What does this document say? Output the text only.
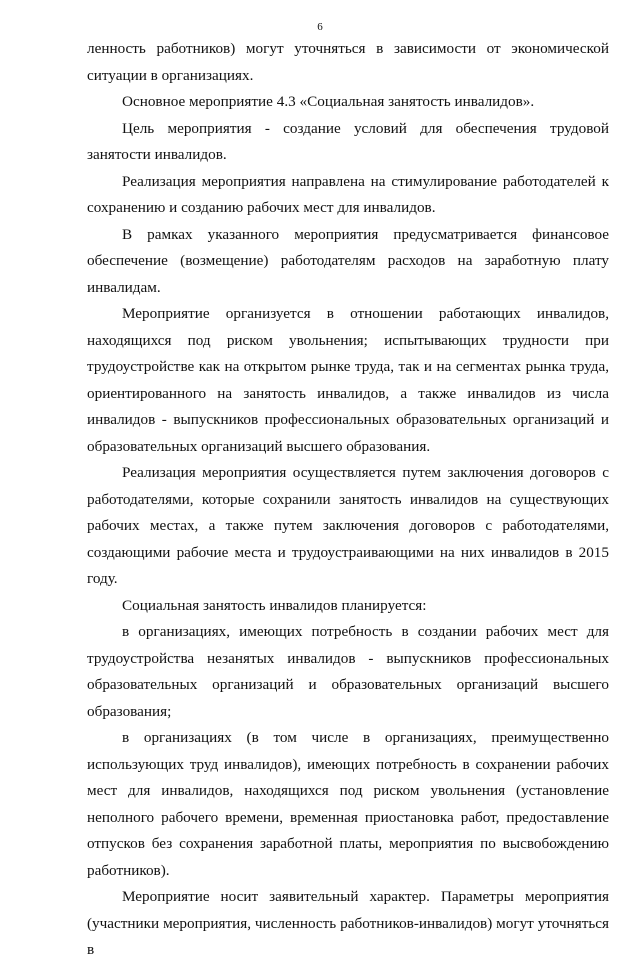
6

ленность работников) могут уточняться в зависимости от экономической ситуации в организациях.

Основное мероприятие 4.3 «Социальная занятость инвалидов».

Цель мероприятия - создание условий для обеспечения трудовой занятости инвалидов.

Реализация мероприятия направлена на стимулирование работодателей к сохранению и созданию рабочих мест для инвалидов.

В рамках указанного мероприятия предусматривается финансовое обеспечение (возмещение) работодателям расходов на заработную плату инвалидам.

Мероприятие организуется в отношении работающих инвалидов, находящихся под риском увольнения; испытывающих трудности при трудоустройстве как на открытом рынке труда, так и на сегментах рынка труда, ориентированного на занятость инвалидов, а также инвалидов из числа инвалидов - выпускников профессиональных образовательных организаций и образовательных организаций высшего образования.

Реализация мероприятия осуществляется путем заключения договоров с работодателями, которые сохранили занятость инвалидов на существующих рабочих местах, а также путем заключения договоров с работодателями, создающими рабочие места и трудоустраивающими на них инвалидов в 2015 году.

Социальная занятость инвалидов планируется:

в организациях, имеющих потребность в создании рабочих мест для трудоустройства незанятых инвалидов - выпускников профессиональных образовательных организаций и образовательных организаций высшего образования;

в организациях (в том числе в организациях, преимущественно использующих труд инвалидов), имеющих потребность в сохранении рабочих мест для инвалидов, находящихся под риском увольнения (установление неполного рабочего времени, временная приостановка работ, предоставление отпусков без сохранения заработной платы, мероприятия по высвобождению работников).

Мероприятие носит заявительный характер. Параметры мероприятия (участники мероприятия, численность работников-инвалидов) могут уточняться в
